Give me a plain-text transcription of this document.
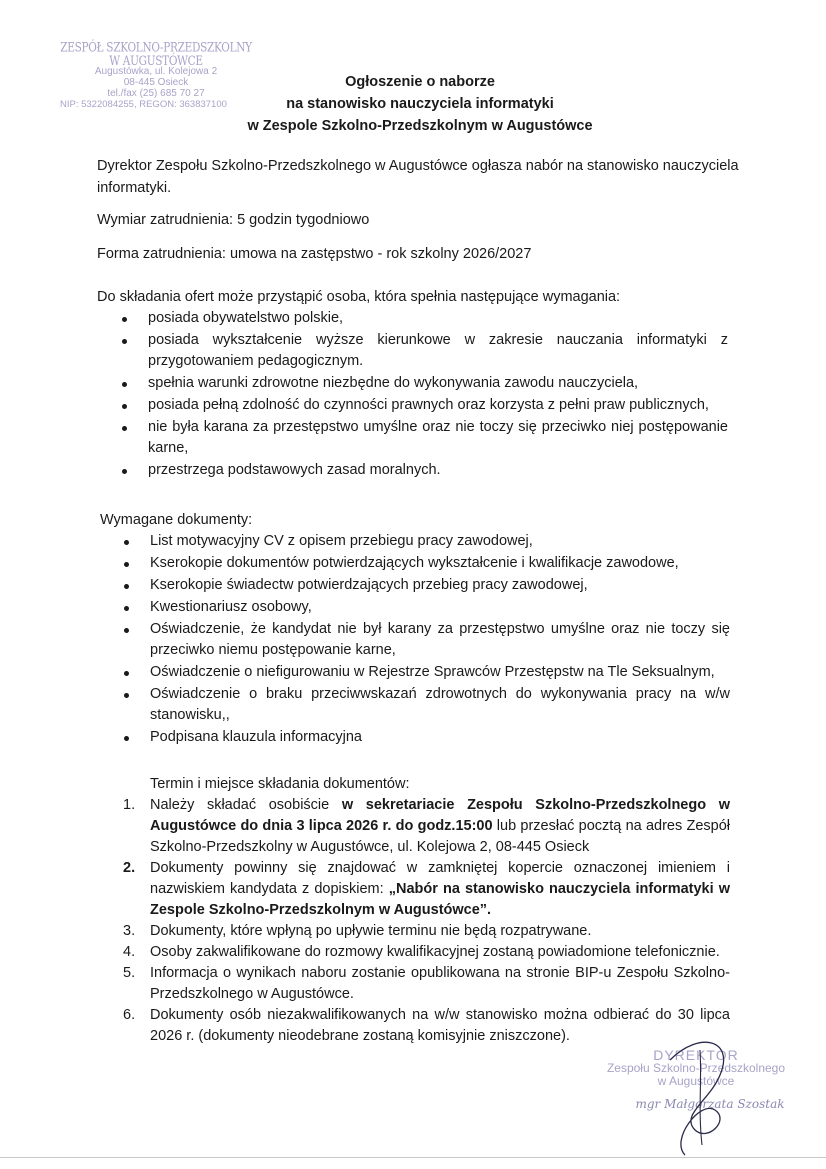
ZESPÓŁ SZKOLNO-PRZEDSZKOLNY W AUGUSTÓWCE
Augustówka, ul. Kolejowa 2
08-445 Osieck
tel./fax (25) 685 70 27
NIP: 5322084255, REGON: 363837100
Ogłoszenie o naborze
na stanowisko nauczyciela informatyki
w Zespole Szkolno-Przedszkolnym w Augustówce
Dyrektor Zespołu Szkolno-Przedszkolnego w Augustówce ogłasza nabór na stanowisko nauczyciela informatyki.
Wymiar zatrudnienia: 5 godzin tygodniowo
Forma zatrudnienia: umowa na zastępstwo - rok szkolny 2026/2027
Do składania ofert może przystąpić osoba, która spełnia następujące wymagania:
posiada obywatelstwo polskie,
posiada wykształcenie wyższe kierunkowe w zakresie nauczania informatyki z przygotowaniem pedagogicznym.
spełnia warunki zdrowotne niezbędne do wykonywania zawodu nauczyciela,
posiada pełną zdolność do czynności prawnych oraz korzysta z pełni praw publicznych,
nie była karana za przestępstwo umyślne oraz nie toczy się przeciwko niej postępowanie karne,
przestrzega podstawowych zasad moralnych.
Wymagane dokumenty:
List motywacyjny CV z opisem przebiegu pracy zawodowej,
Kserokopie dokumentów potwierdzających wykształcenie i kwalifikacje zawodowe,
Kserokopie świadectw potwierdzających przebieg pracy zawodowej,
Kwestionariusz osobowy,
Oświadczenie, że kandydat nie był karany za przestępstwo umyślne oraz nie toczy się przeciwko niemu postępowanie karne,
Oświadczenie o niefigurowaniu w Rejestrze Sprawców Przestępstw na Tle Seksualnym,
Oświadczenie o braku przeciwwskazań zdrowotnych do wykonywania pracy na w/w stanowisku,,
Podpisana klauzula informacyjna
Termin i miejsce składania dokumentów:
1. Należy składać osobiście w sekretariacie Zespołu Szkolno-Przedszkolnego w Augustówce do dnia 3 lipca 2026 r. do godz.15:00 lub przesłać pocztą na adres Zespół Szkolno-Przedszkolny w Augustówce, ul. Kolejowa 2, 08-445 Osieck
2. Dokumenty powinny się znajdować w zamkniętej kopercie oznaczonej imieniem i nazwiskiem kandydata z dopiskiem: „Nabór na stanowisko nauczyciela informatyki w Zespole Szkolno-Przedszkolnym w Augustówce”.
3. Dokumenty, które wpłyną po upływie terminu nie będą rozpatrywane.
4. Osoby zakwalifikowane do rozmowy kwalifikacyjnej zostaną powiadomione telefonicznie.
5. Informacja o wynikach naboru zostanie opublikowana na stronie BIP-u Zespołu Szkolno-Przedszkolnego w Augustówce.
6. Dokumenty osób niezakwalifikowanych na w/w stanowisko można odbierać do 30 lipca 2026 r. (dokumenty nieodebrane zostaną komisyjnie zniszczone).
DYREKTOR
Zespołu Szkolno-Przedszkolnego
w Augustówce
mgr Małgorzata Szostak
